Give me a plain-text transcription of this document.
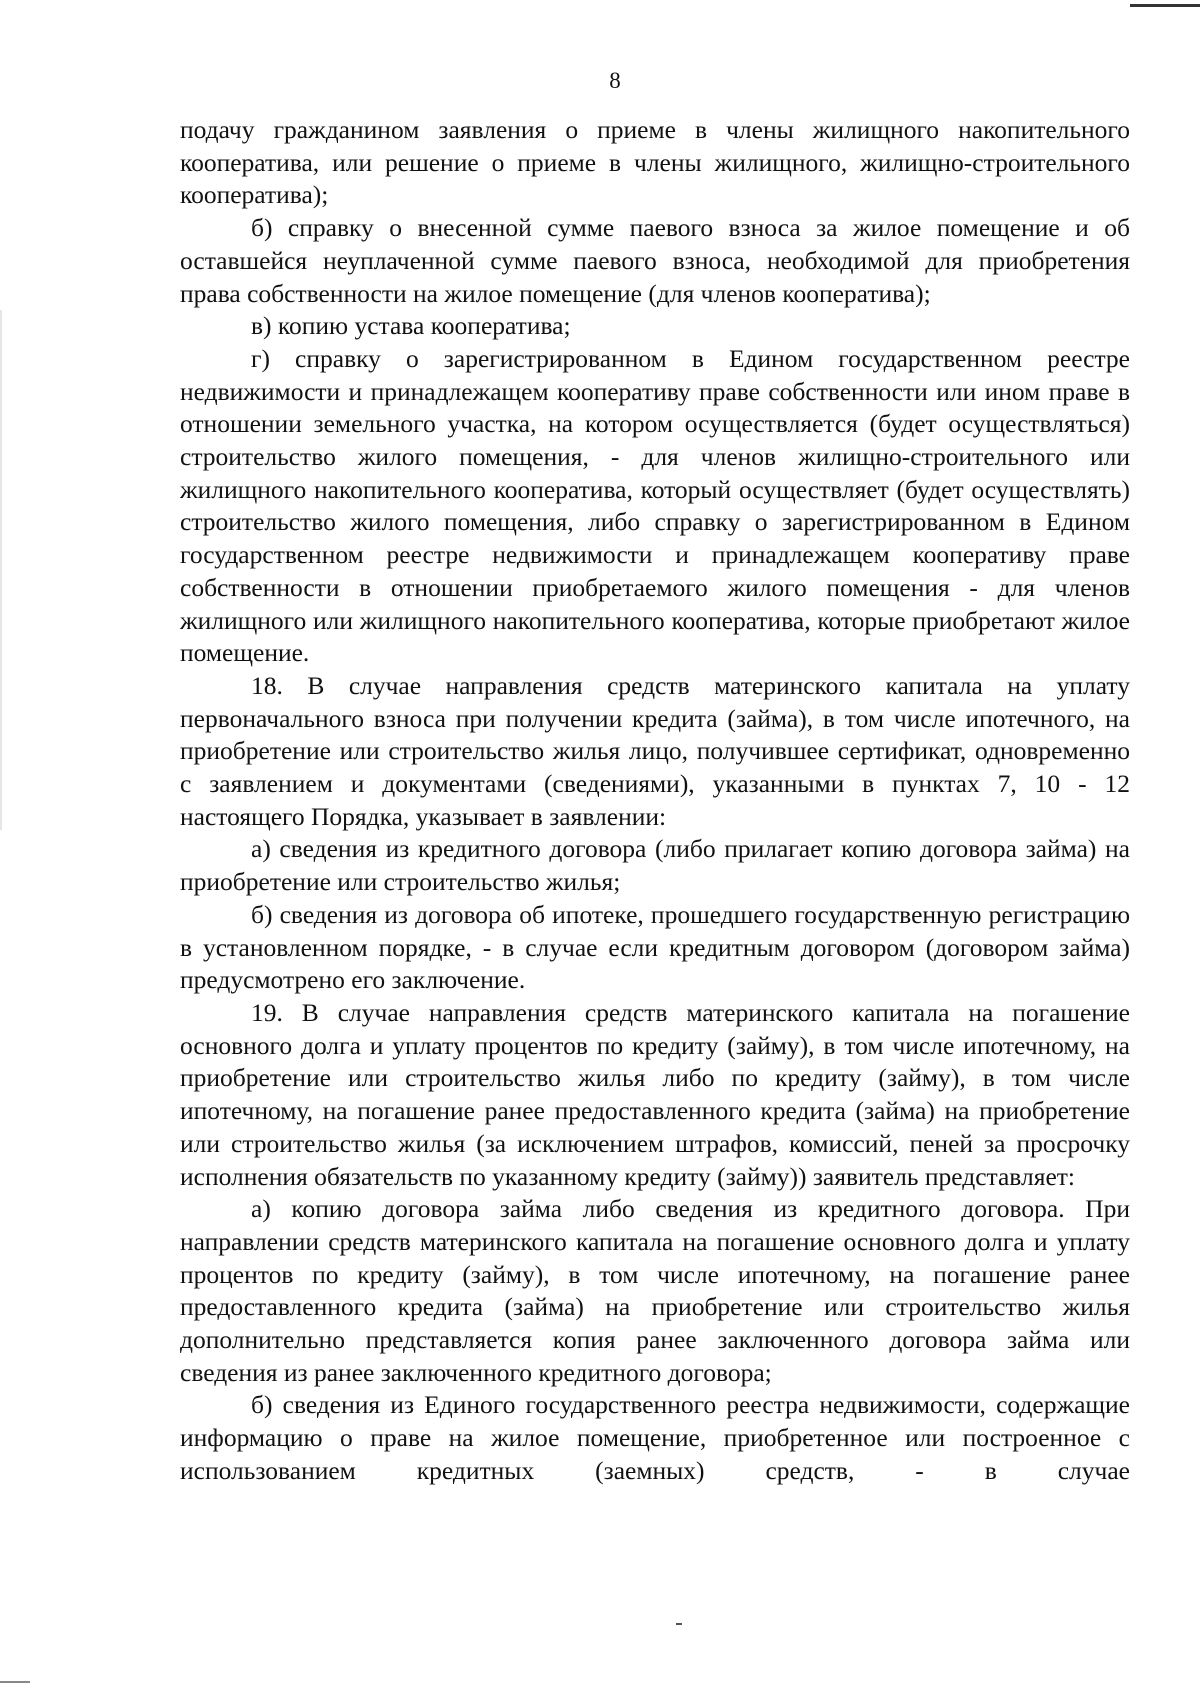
8

подачу гражданином заявления о приеме в члены жилищного накопительного кооператива, или решение о приеме в члены жилищного, жилищно-строительного кооператива);

б) справку о внесенной сумме паевого взноса за жилое помещение и об оставшейся неуплаченной сумме паевого взноса, необходимой для приобретения права собственности на жилое помещение (для членов кооператива);

в) копию устава кооператива;

г) справку о зарегистрированном в Едином государственном реестре недвижимости и принадлежащем кооперативу праве собственности или ином праве в отношении земельного участка, на котором осуществляется (будет осуществляться) строительство жилого помещения, - для членов жилищно-строительного или жилищного накопительного кооператива, который осуществляет (будет осуществлять) строительство жилого помещения, либо справку о зарегистрированном в Едином государственном реестре недвижимости и принадлежащем кооперативу праве собственности в отношении приобретаемого жилого помещения - для членов жилищного или жилищного накопительного кооператива, которые приобретают жилое помещение.

18. В случае направления средств материнского капитала на уплату первоначального взноса при получении кредита (займа), в том числе ипотечного, на приобретение или строительство жилья лицо, получившее сертификат, одновременно с заявлением и документами (сведениями), указанными в пунктах 7, 10 - 12 настоящего Порядка, указывает в заявлении:

а) сведения из кредитного договора (либо прилагает копию договора займа) на приобретение или строительство жилья;

б) сведения из договора об ипотеке, прошедшего государственную регистрацию в установленном порядке, - в случае если кредитным договором (договором займа) предусмотрено его заключение.

19. В случае направления средств материнского капитала на погашение основного долга и уплату процентов по кредиту (займу), в том числе ипотечному, на приобретение или строительство жилья либо по кредиту (займу), в том числе ипотечному, на погашение ранее предоставленного кредита (займа) на приобретение или строительство жилья (за исключением штрафов, комиссий, пеней за просрочку исполнения обязательств по указанному кредиту (займу)) заявитель представляет:

а) копию договора займа либо сведения из кредитного договора. При направлении средств материнского капитала на погашение основного долга и уплату процентов по кредиту (займу), в том числе ипотечному, на погашение ранее предоставленного кредита (займа) на приобретение или строительство жилья дополнительно представляется копия ранее заключенного договора займа или сведения из ранее заключенного кредитного договора;

б) сведения из Единого государственного реестра недвижимости, содержащие информацию о праве на жилое помещение, приобретенное или построенное с использованием кредитных (заемных) средств, - в случае
